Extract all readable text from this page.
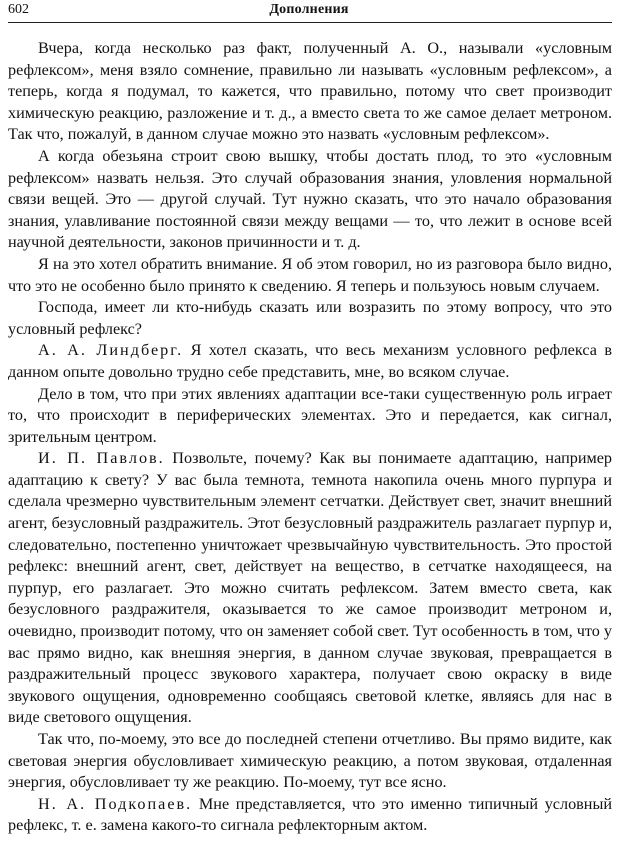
602	Дополнения

Вчера, когда несколько раз факт, полученный А. О., называли «условным рефлексом», меня взяло сомнение, правильно ли называть «условным рефлексом», а теперь, когда я подумал, то кажется, что правильно, потому что свет производит химическую реакцию, разложение и т. д., а вместо света то же самое делает метроном. Так что, пожалуй, в данном случае можно это назвать «условным рефлексом».

А когда обезьяна строит свою вышку, чтобы достать плод, то это «условным рефлексом» назвать нельзя. Это случай образования знания, уловления нормальной связи вещей. Это — другой случай. Тут нужно сказать, что это начало образования знания, улавливание постоянной связи между вещами — то, что лежит в основе всей научной деятельности, законов причинности и т. д.

Я на это хотел обратить внимание. Я об этом говорил, но из разговора было видно, что это не особенно было принято к сведению. Я теперь и пользуюсь новым случаем.

Господа, имеет ли кто-нибудь сказать или возразить по этому вопросу, что это условный рефлекс?

А. А. Линдберг. Я хотел сказать, что весь механизм условного рефлекса в данном опыте довольно трудно себе представить, мне, во всяком случае.

Дело в том, что при этих явлениях адаптации все-таки существенную роль играет то, что происходит в периферических элементах. Это и передается, как сигнал, зрительным центром.

И. П. Павлов. Позвольте, почему? Как вы понимаете адаптацию, например адаптацию к свету? У вас была темнота, темнота накопила очень много пурпура и сделала чрезмерно чувствительным элемент сетчатки. Действует свет, значит внешний агент, безусловный раздражитель. Этот безусловный раздражитель разлагает пурпур и, следовательно, постепенно уничтожает чрезвычайную чувствительность. Это простой рефлекс: внешний агент, свет, действует на вещество, в сетчатке находящееся, на пурпур, его разлагает. Это можно считать рефлексом. Затем вместо света, как безусловного раздражителя, оказывается то же самое производит метроном и, очевидно, производит потому, что он заменяет собой свет. Тут особенность в том, что у вас прямо видно, как внешняя энергия, в данном случае звуковая, превращается в раздражительный процесс звукового характера, получает свою окраску в виде звукового ощущения, одновременно сообщаясь световой клетке, являясь для нас в виде светового ощущения.

Так что, по-моему, это все до последней степени отчетливо. Вы прямо видите, как световая энергия обусловливает химическую реакцию, а потом звуковая, отдаленная энергия, обусловливает ту же реакцию. По-моему, тут все ясно.

Н. А. Подкопаев. Мне представляется, что это именно типичный условный рефлекс, т. е. замена какого-то сигнала рефлекторным актом.
